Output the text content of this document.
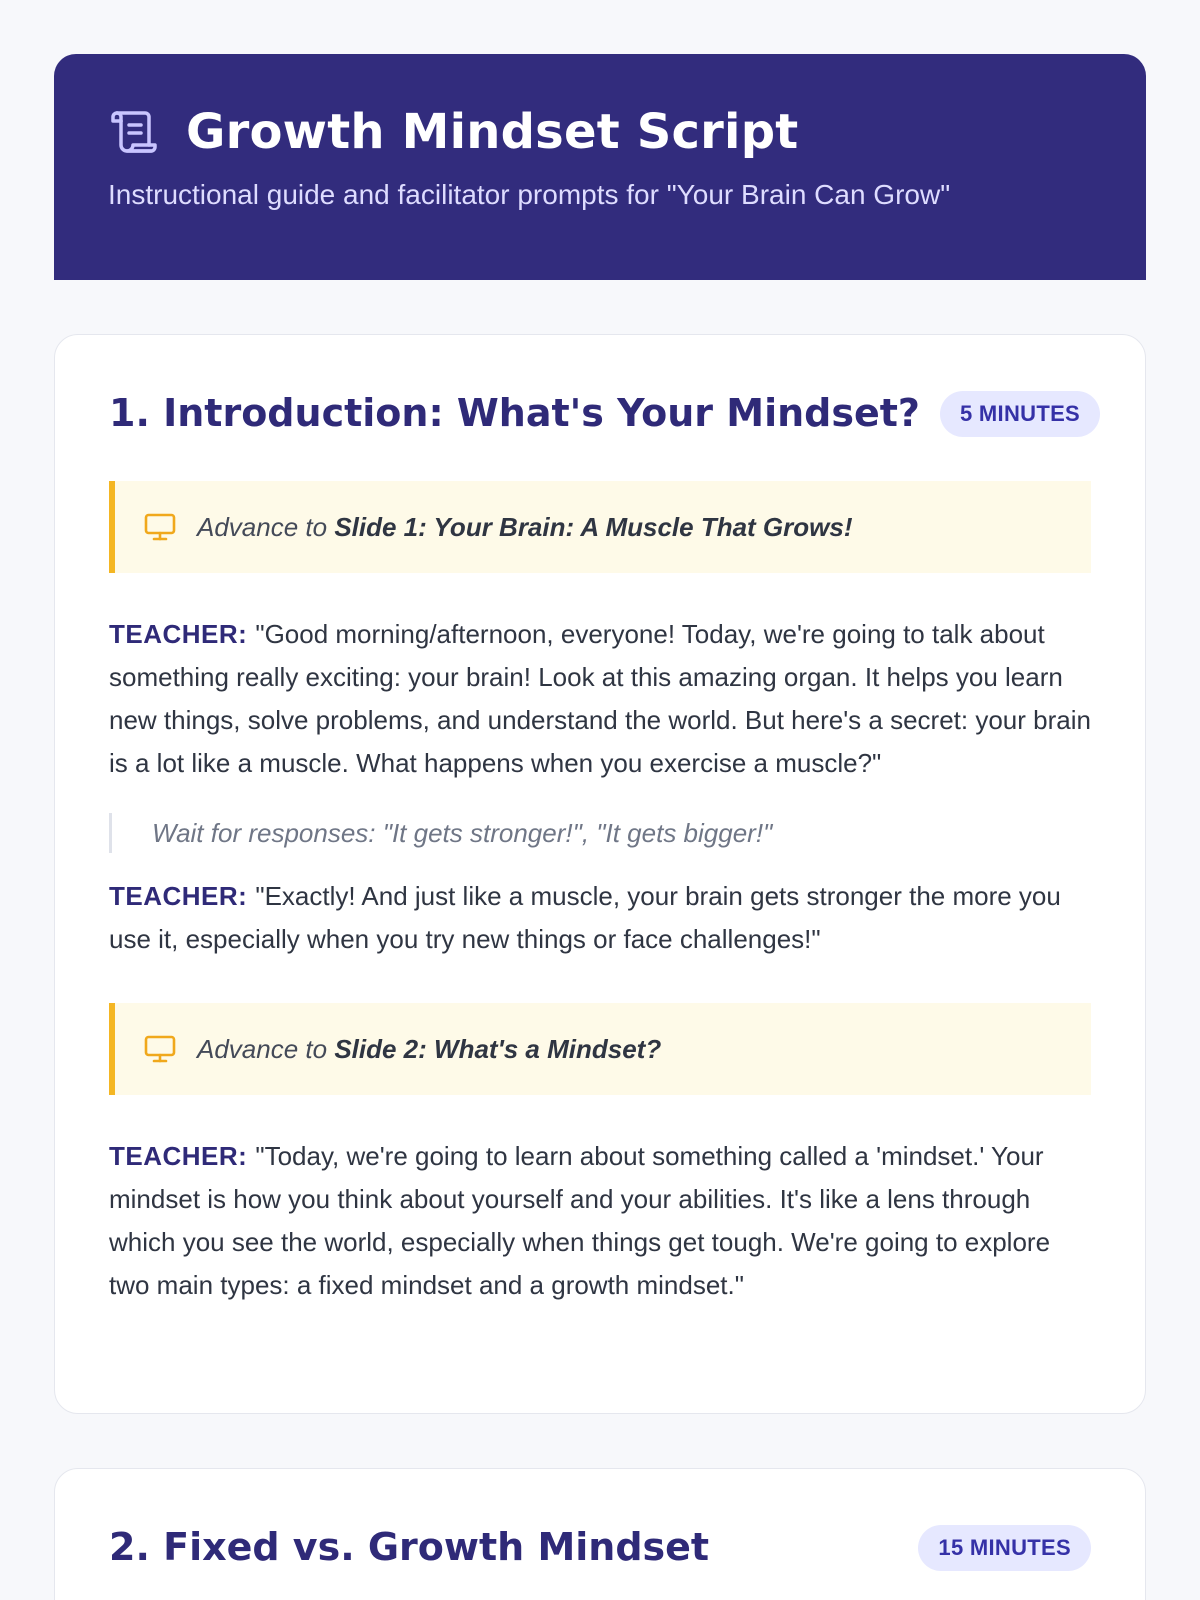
Growth Mindset Script
Instructional guide and facilitator prompts for "Your Brain Can Grow"
1. Introduction: What's Your Mindset?	5 MINUTES
Advance to Slide 1: Your Brain: A Muscle That Grows!

TEACHER: "Good morning/afternoon, everyone! Today, we're going to talk about something really exciting: your brain! Look at this amazing organ. It helps you learn new things, solve problems, and understand the world. But here's a secret: your brain is a lot like a muscle. What happens when you exercise a muscle?"

Wait for responses: "It gets stronger!", "It gets bigger!"

TEACHER: "Exactly! And just like a muscle, your brain gets stronger the more you use it, especially when you try new things or face challenges!"

Advance to Slide 2: What's a Mindset?

TEACHER: "Today, we're going to learn about something called a 'mindset.' Your mindset is how you think about yourself and your abilities. It's like a lens through which you see the world, especially when things get tough. We're going to explore two main types: a fixed mindset and a growth mindset."

2. Fixed vs. Growth Mindset	15 MINUTES
